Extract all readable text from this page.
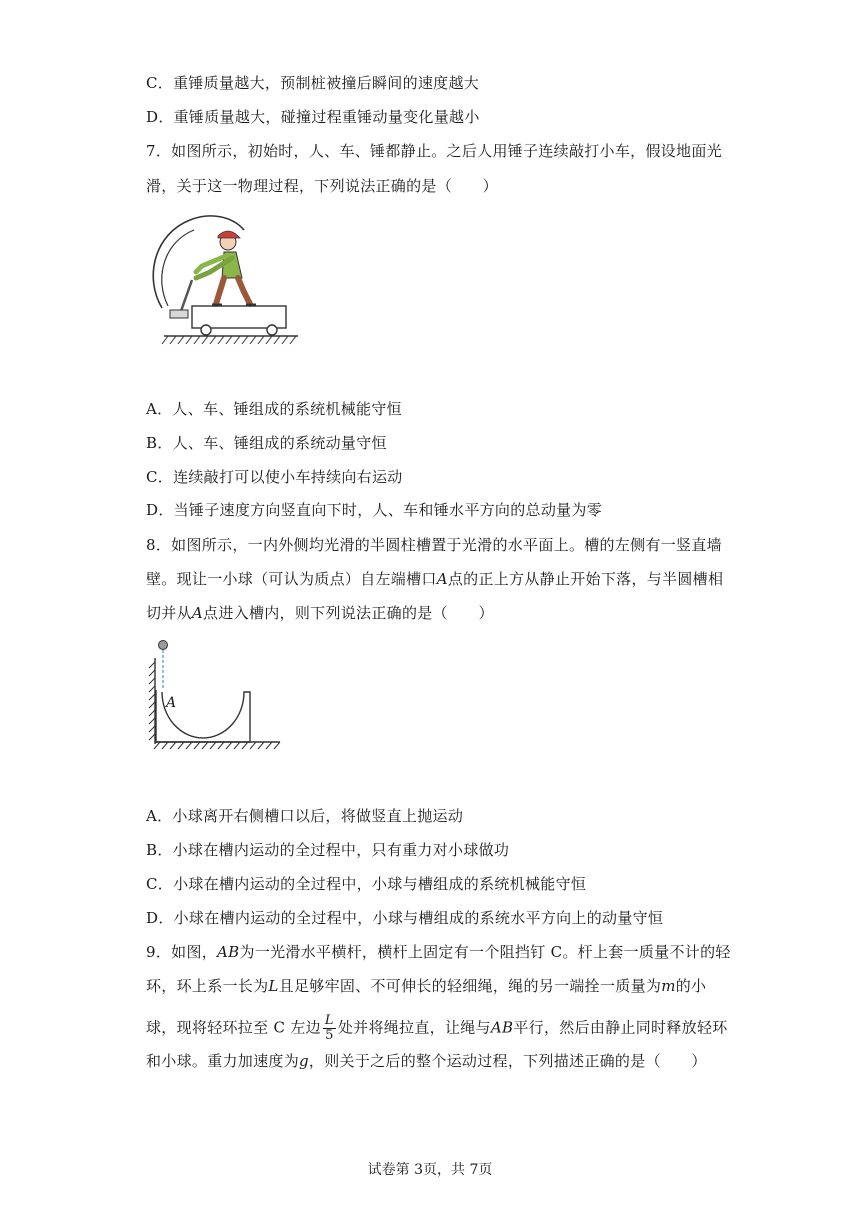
C．重锤质量越大，预制桩被撞后瞬间的速度越大
D．重锤质量越大，碰撞过程重锤动量变化量越小
7．如图所示，初始时，人、车、锤都静止。之后人用锤子连续敲打小车，假设地面光
滑，关于这一物理过程，下列说法正确的是（　　）
A．人、车、锤组成的系统机械能守恒
B．人、车、锤组成的系统动量守恒
C．连续敲打可以使小车持续向右运动
D．当锤子速度方向竖直向下时，人、车和锤水平方向的总动量为零
8．如图所示，一内外侧均光滑的半圆柱槽置于光滑的水平面上。槽的左侧有一竖直墙
壁。现让一小球（可认为质点）自左端槽口A点的正上方从静止开始下落，与半圆槽相
切并从A点进入槽内，则下列说法正确的是（　　）
A
A．小球离开右侧槽口以后，将做竖直上抛运动
B．小球在槽内运动的全过程中，只有重力对小球做功
C．小球在槽内运动的全过程中，小球与槽组成的系统机械能守恒
D．小球在槽内运动的全过程中，小球与槽组成的系统水平方向上的动量守恒
9．如图，AB为一光滑水平横杆，横杆上固定有一个阻挡钉 C。杆上套一质量不计的轻
环，环上系一长为L且足够牢固、不可伸长的轻细绳，绳的另一端拴一质量为m的小
球，现将轻环拉至 C 左边 $\frac{L}{5}$ 处并将绳拉直，让绳与AB平行，然后由静止同时释放轻环
和小球。重力加速度为g，则关于之后的整个运动过程，下列描述正确的是（　　）
试卷第 3页，共 7页
